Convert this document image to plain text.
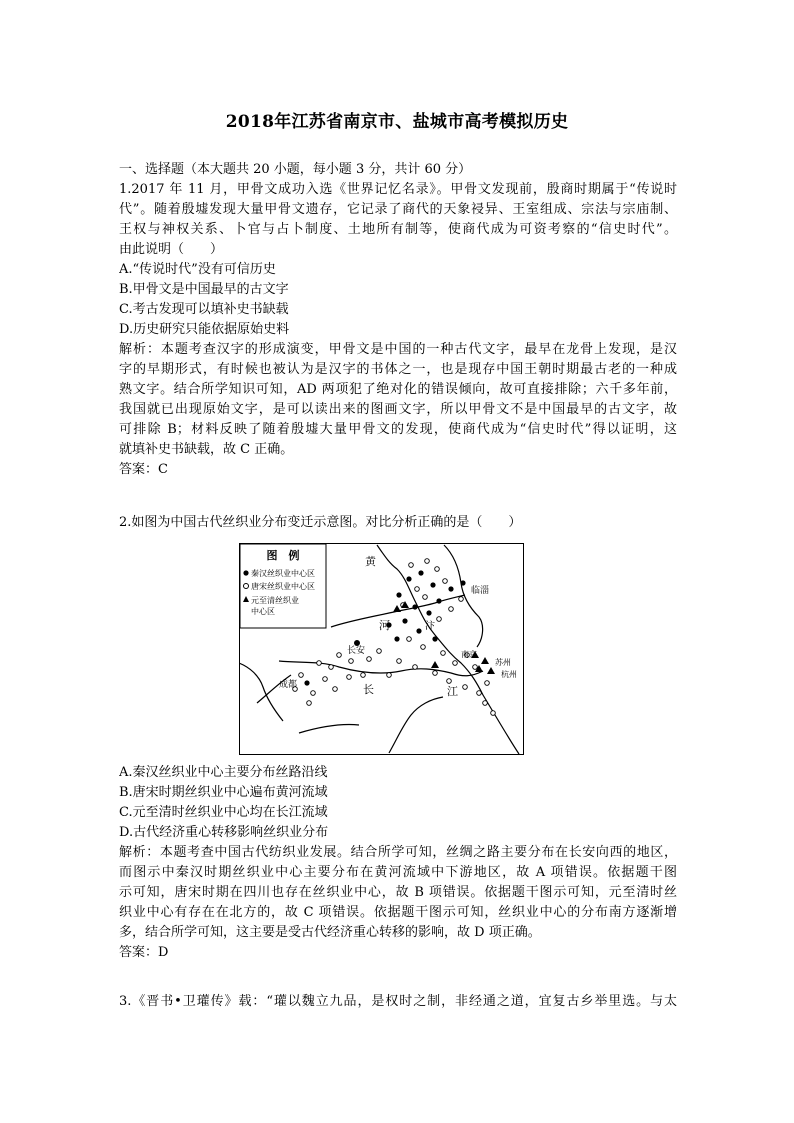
2018年江苏省南京市、盐城市高考模拟历史
一、选择题（本大题共 20 小题，每小题 3 分，共计 60 分）
1.2017 年 11 月，甲骨文成功入选《世界记忆名录》。甲骨文发现前，殷商时期属于“传说时
代”。随着殷墟发现大量甲骨文遗存，它记录了商代的天象祲异、王室组成、宗法与宗庙制、
王权与神权关系、卜官与占卜制度、土地所有制等，使商代成为可资考察的“信史时代”。
由此说明（　　）
A.“传说时代”没有可信历史
B.甲骨文是中国最早的古文字
C.考古发现可以填补史书缺载
D.历史研究只能依据原始史料
解析：本题考查汉字的形成演变，甲骨文是中国的一种古代文字，最早在龙骨上发现，是汉
字的早期形式，有时候也被认为是汉字的书体之一，也是现存中国王朝时期最古老的一种成
熟文字。结合所学知识可知，AD 两项犯了绝对化的错误倾向，故可直接排除；六千多年前，
我国就已出现原始文字，是可以读出来的图画文字，所以甲骨文不是中国最早的古文字，故
可排除 B；材料反映了随着殷墟大量甲骨文的发现，使商代成为“信史时代”得以证明，这
就填补史书缺载，故 C 正确。
答案：C
2.如图为中国古代丝织业分布变迁示意图。对比分析正确的是（　　）
图　例
秦汉丝织业中心区
唐宋丝织业中心区
元至清丝织业
中心区
黄
河
临淄
汴
长安	南京
苏州
杭州
成都	长	江
A.秦汉丝织业中心主要分布丝路沿线
B.唐宋时期丝织业中心遍布黄河流域
C.元至清时丝织业中心均在长江流域
D.古代经济重心转移影响丝织业分布
解析：本题考查中国古代纺织业发展。结合所学可知，丝绸之路主要分布在长安向西的地区，
而图示中秦汉时期丝织业中心主要分布在黄河流域中下游地区，故 A 项错误。依据题干图
示可知，唐宋时期在四川也存在丝织业中心，故 B 项错误。依据题干图示可知，元至清时丝
织业中心有存在在北方的，故 C 项错误。依据题干图示可知，丝织业中心的分布南方逐渐增
多，结合所学可知，这主要是受古代经济重心转移的影响，故 D 项正确。
答案：D
3.《晋书•卫瓘传》载：“瓘以魏立九品，是权时之制，非经通之道，宜复古乡举里选。与太
